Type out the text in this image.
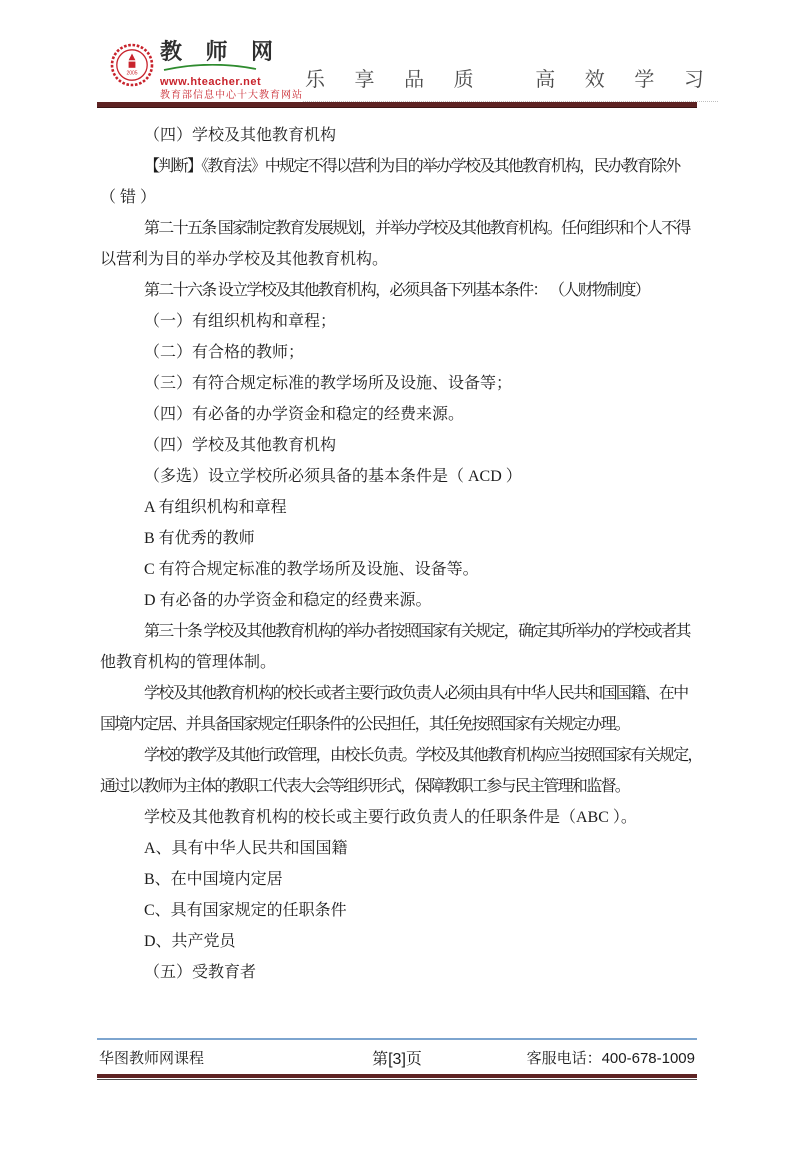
2005
教 师 网
www.hteacher.net
教育部信息中心十大教育网站
乐 享 品 质　 高 效 学 习
（四）学校及其他教育机构
【判断】《教育法》中规定不得以营利为目的举办学校及其他教育机构，民办教育除外
（ 错 ）
第二十五条 国家制定教育发展规划，并举办学校及其他教育机构。任何组织和个人不得
以营利为目的举办学校及其他教育机构。
第二十六条 设立学校及其他教育机构，必须具备下列基本条件： （人财物制度）
（一）有组织机构和章程；
（二）有合格的教师；
（三）有符合规定标准的教学场所及设施、设备等；
（四）有必备的办学资金和稳定的经费来源。
（四）学校及其他教育机构
（多选）设立学校所必须具备的基本条件是（ ACD ）
A 有组织机构和章程
B 有优秀的教师
C 有符合规定标准的教学场所及设施、设备等。
D 有必备的办学资金和稳定的经费来源。
第三十条 学校及其他教育机构的举办者按照国家有关规定，确定其所举办的学校或者其
他教育机构的管理体制。
学校及其他教育机构的校长或者主要行政负责人必须由具有中华人民共和国国籍、在中
国境内定居、并具备国家规定任职条件的公民担任，其任免按照国家有关规定办理。
学校的教学及其他行政管理，由校长负责。学校及其他教育机构应当按照国家有关规定，
通过以教师为主体的教职工代表大会等组织形式，保障教职工参与民主管理和监督。
学校及其他教育机构的校长或主要行政负责人的任职条件是（ABC ）。
A、具有中华人民共和国国籍
B、在中国境内定居
C、具有国家规定的任职条件
D、共产党员
（五）受教育者
华图教师网课程	第[3]页	客服电话：400-678-1009
